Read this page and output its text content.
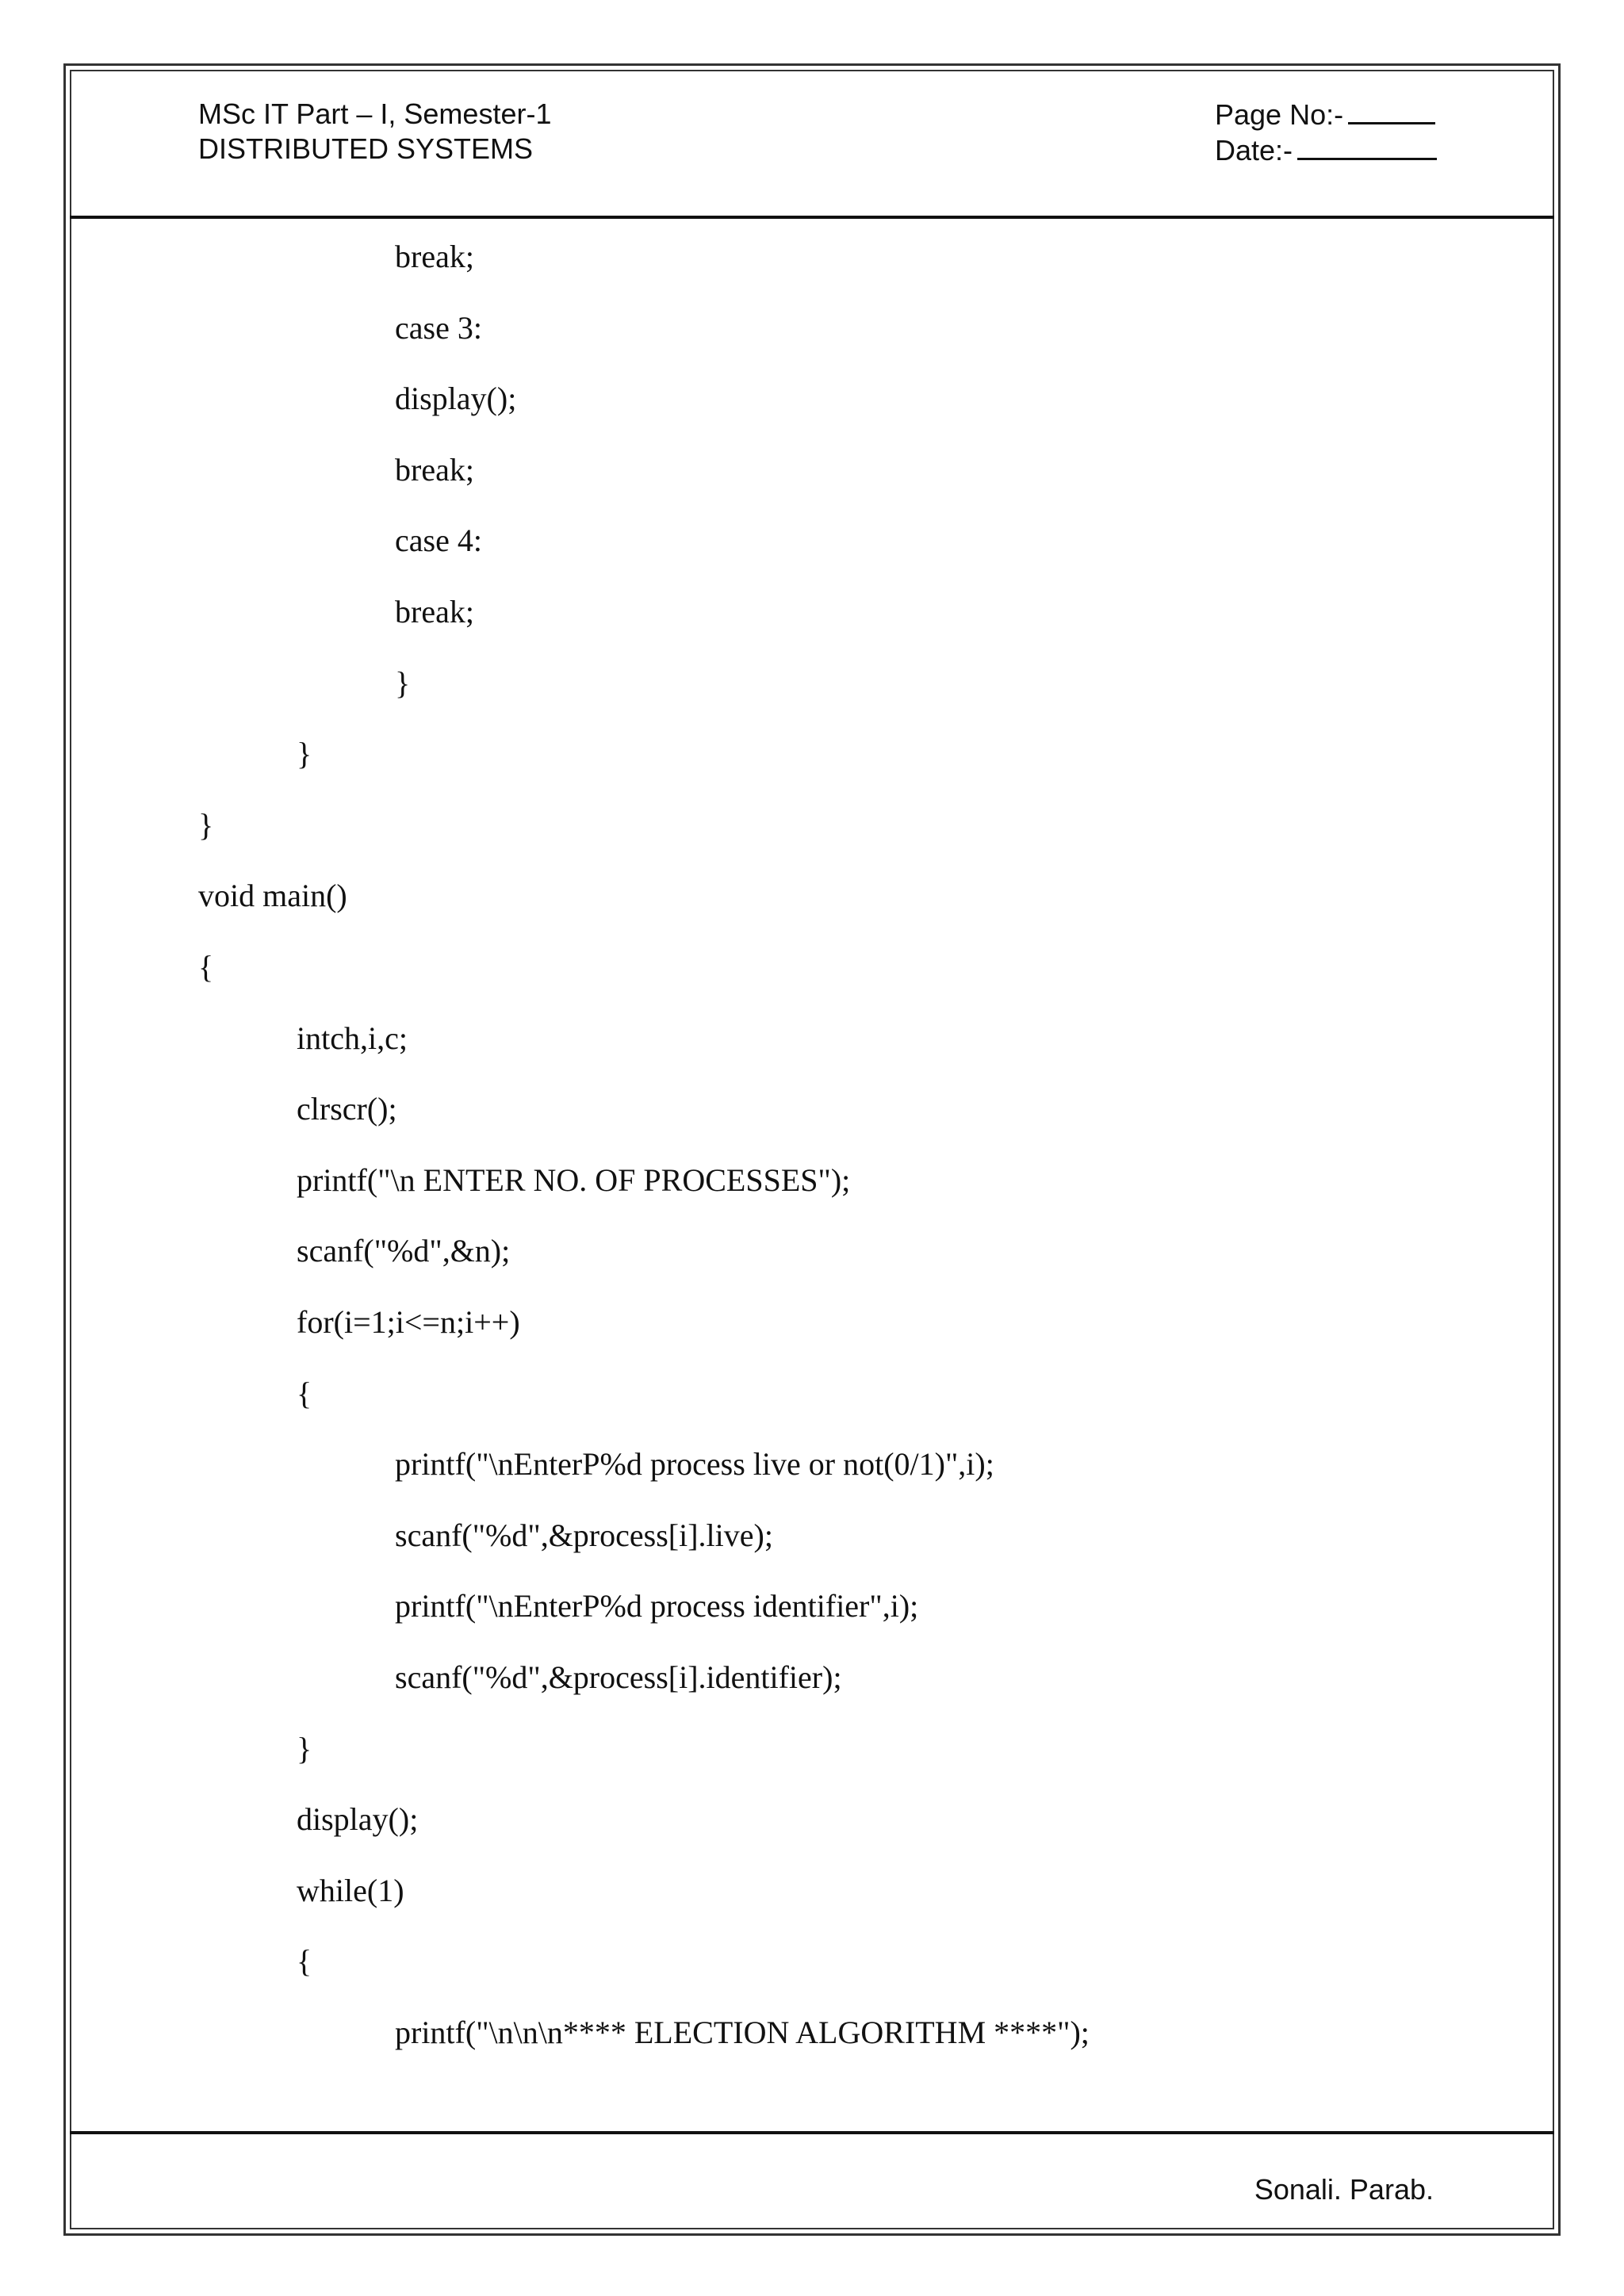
MSc IT Part – I, Semester-1
DISTRIBUTED SYSTEMS
Page No:-
Date:-
break;
case 3:
display();
break;
case 4:
break;
}
}
}
void main()
{
intch,i,c;
clrscr();
printf("\n ENTER NO. OF PROCESSES");
scanf("%d",&n);
for(i=1;i<=n;i++)
{
printf("\nEnterP%d process live or not(0/1)",i);
scanf("%d",&process[i].live);
printf("\nEnterP%d process identifier",i);
scanf("%d",&process[i].identifier);
}
display();
while(1)
{
printf("\n\n\n**** ELECTION ALGORITHM ****");
Sonali. Parab.
